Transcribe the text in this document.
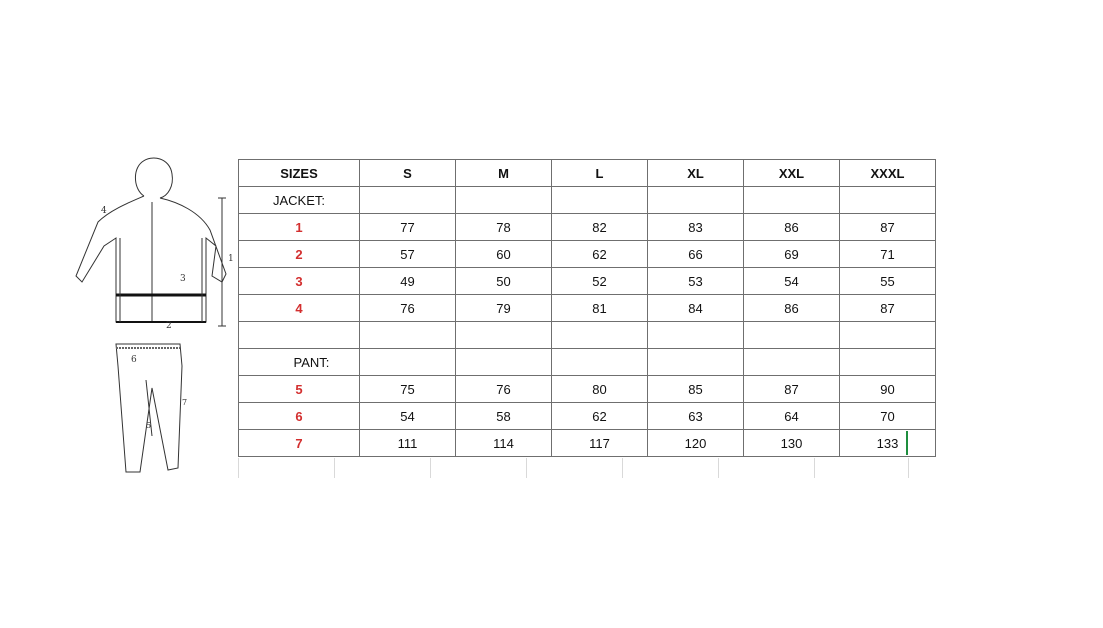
1
2
3
4
5
6
7
SIZES	S	M	L	XL	XXL	XXXL
JACKET:						
1	77	78	82	83	86	87
2	57	60	62	66	69	71
3	49	50	52	53	54	55
4	76	79	81	84	86	87

PANT:						
5	75	76	80	85	87	90
6	54	58	62	63	64	70
7	111	114	117	120	130	133
